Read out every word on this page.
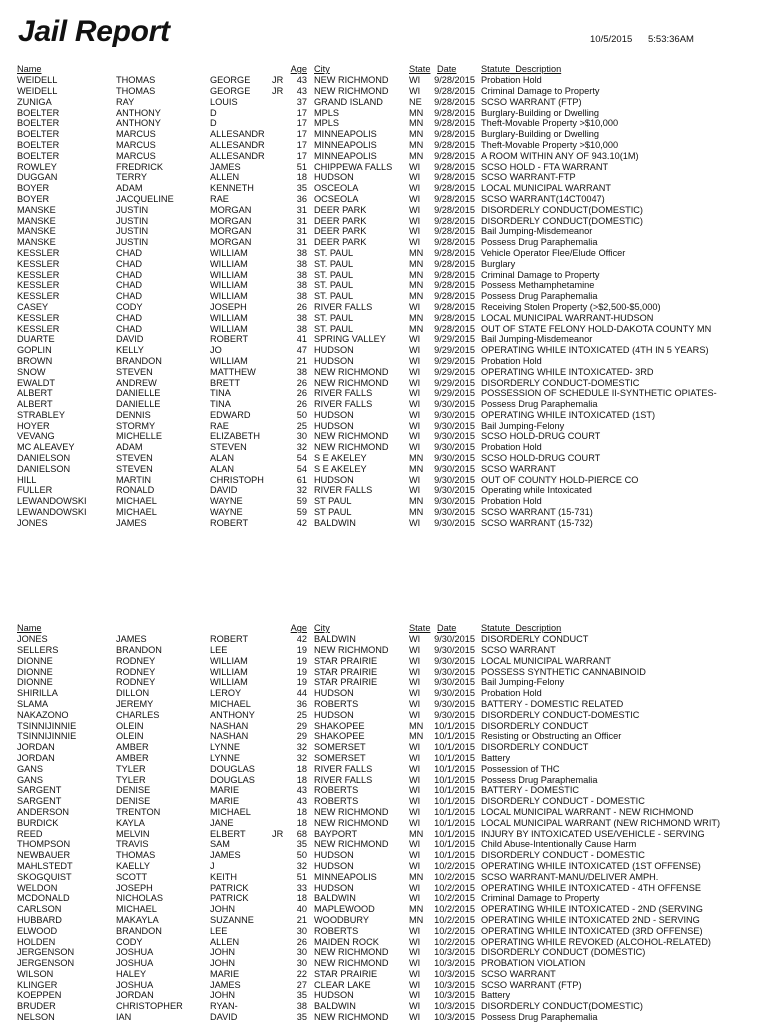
Jail Report	10/5/2015 5:53:36AM
Name	Age City	State Date	Statute_Description
WEIDELL	THOMAS	GEORGE	JR	43 NEW RICHMOND	WI	9/28/2015 Probation Hold
WEIDELL	THOMAS	GEORGE	JR	43 NEW RICHMOND	WI	9/28/2015 Criminal Damage to Property
ZUNIGA	RAY	LOUIS	37 GRAND ISLAND	NE	9/28/2015 SCSO WARRANT (FTP)
BOELTER	ANTHONY	D	17 MPLS	MN	9/28/2015 Burglary-Building or Dwelling
BOELTER	ANTHONY	D	17 MPLS	MN	9/28/2015 Theft-Movable Property >$10,000
BOELTER	MARCUS	ALLESANDR	17 MINNEAPOLIS	MN	9/28/2015 Burglary-Building or Dwelling
BOELTER	MARCUS	ALLESANDR	17 MINNEAPOLIS	MN	9/28/2015 Theft-Movable Property >$10,000
BOELTER	MARCUS	ALLESANDR	17 MINNEAPOLIS	MN	9/28/2015 A ROOM WITHIN ANY OF 943.10(1M)
ROWLEY	FREDRICK	JAMES	51 CHIPPEWA FALLS	WI	9/28/2015 SCSO HOLD - FTA WARRANT
DUGGAN	TERRY	ALLEN	18 HUDSON	WI	9/28/2015 SCSO WARRANT-FTP
BOYER	ADAM	KENNETH	35 OSCEOLA	WI	9/28/2015 LOCAL MUNICIPAL WARRANT
BOYER	JACQUELINE	RAE	36 OCSEOLA	WI	9/28/2015 SCSO WARRANT(14CT0047)
MANSKE	JUSTIN	MORGAN	31 DEER PARK	WI	9/28/2015 DISORDERLY CONDUCT(DOMESTIC)
MANSKE	JUSTIN	MORGAN	31 DEER PARK	WI	9/28/2015 DISORDERLY CONDUCT(DOMESTIC)
MANSKE	JUSTIN	MORGAN	31 DEER PARK	WI	9/28/2015 Bail Jumping-Misdemeanor
MANSKE	JUSTIN	MORGAN	31 DEER PARK	WI	9/28/2015 Possess Drug Paraphemalia
KESSLER	CHAD	WILLIAM	38 ST. PAUL	MN	9/28/2015 Vehicle Operator Flee/Elude Officer
KESSLER	CHAD	WILLIAM	38 ST. PAUL	MN	9/28/2015 Burglary
KESSLER	CHAD	WILLIAM	38 ST. PAUL	MN	9/28/2015 Criminal Damage to Property
KESSLER	CHAD	WILLIAM	38 ST. PAUL	MN	9/28/2015 Possess Methamphetamine
KESSLER	CHAD	WILLIAM	38 ST. PAUL	MN	9/28/2015 Possess Drug Paraphemalia
CASEY	CODY	JOSEPH	26 RIVER FALLS	WI	9/28/2015 Receiving Stolen Property (>$2,500-$5,000)
KESSLER	CHAD	WILLIAM	38 ST. PAUL	MN	9/28/2015 LOCAL MUNICIPAL WARRANT-HUDSON
KESSLER	CHAD	WILLIAM	38 ST. PAUL	MN	9/28/2015 OUT OF STATE FELONY HOLD-DAKOTA COUNTY MN
DUARTE	DAVID	ROBERT	41 SPRING VALLEY	WI	9/29/2015 Bail Jumping-Misdemeanor
GOPLIN	KELLY	JO	47 HUDSON	WI	9/29/2015 OPERATING WHILE INTOXICATED (4TH IN 5 YEARS)
BROWN	BRANDON	WILLIAM	21 HUDSON	WI	9/29/2015 Probation Hold
SNOW	STEVEN	MATTHEW	38 NEW RICHMOND	WI	9/29/2015 OPERATING WHILE INTOXICATED- 3RD
EWALDT	ANDREW	BRETT	26 NEW RICHMOND	WI	9/29/2015 DISORDERLY CONDUCT-DOMESTIC
ALBERT	DANIELLE	TINA	26 RIVER FALLS	WI	9/29/2015 POSSESSION OF SCHEDULE II-SYNTHETIC OPIATES-
ALBERT	DANIELLE	TINA	26 RIVER FALLS	WI	9/30/2015 Possess Drug Paraphemalia
STRABLEY	DENNIS	EDWARD	50 HUDSON	WI	9/30/2015 OPERATING WHILE INTOXICATED (1ST)
HOYER	STORMY	RAE	25 HUDSON	WI	9/30/2015 Bail Jumping-Felony
VEVANG	MICHELLE	ELIZABETH	30 NEW RICHMOND	WI	9/30/2015 SCSO HOLD-DRUG COURT
MC ALEAVEY	ADAM	STEVEN	32 NEW RICHMOND	WI	9/30/2015 Probation Hold
DANIELSON	STEVEN	ALAN	54 S E AKELEY	MN	9/30/2015 SCSO HOLD-DRUG COURT
DANIELSON	STEVEN	ALAN	54 S E AKELEY	MN	9/30/2015 SCSO WARRANT
HILL	MARTIN	CHRISTOPH	61 HUDSON	WI	9/30/2015 OUT OF COUNTY HOLD-PIERCE CO
FULLER	RONALD	DAVID	32 RIVER FALLS	WI	9/30/2015 Operating while Intoxicated
LEWANDOWSKI	MICHAEL	WAYNE	59 ST PAUL	MN	9/30/2015 Probation Hold
LEWANDOWSKI	MICHAEL	WAYNE	59 ST PAUL	MN	9/30/2015 SCSO WARRANT (15-731)
JONES	JAMES	ROBERT	42 BALDWIN	WI	9/30/2015 SCSO WARRANT (15-732)
Name	Age City	State Date	Statute_Description
JONES	JAMES	ROBERT	42 BALDWIN	WI	9/30/2015 DISORDERLY CONDUCT
SELLERS	BRANDON	LEE	19 NEW RICHMOND	WI	9/30/2015 SCSO WARRANT
DIONNE	RODNEY	WILLIAM	19 STAR PRAIRIE	WI	9/30/2015 LOCAL MUNICIPAL WARRANT
DIONNE	RODNEY	WILLIAM	19 STAR PRAIRIE	WI	9/30/2015 POSSESS SYNTHETIC CANNABINOID
DIONNE	RODNEY	WILLIAM	19 STAR PRAIRIE	WI	9/30/2015 Bail Jumping-Felony
SHIRILLA	DILLON	LEROY	44 HUDSON	WI	9/30/2015 Probation Hold
SLAMA	JEREMY	MICHAEL	36 ROBERTS	WI	9/30/2015 BATTERY - DOMESTIC RELATED
NAKAZONO	CHARLES	ANTHONY	25 HUDSON	WI	9/30/2015 DISORDERLY CONDUCT-DOMESTIC
TSINNIJINNIE	OLEIN	NASHAN	29 SHAKOPEE	MN	10/1/2015 DISORDERLY CONDUCT
TSINNIJINNIE	OLEIN	NASHAN	29 SHAKOPEE	MN	10/1/2015 Resisting or Obstructing an Officer
JORDAN	AMBER	LYNNE	32 SOMERSET	WI	10/1/2015 DISORDERLY CONDUCT
JORDAN	AMBER	LYNNE	32 SOMERSET	WI	10/1/2015 Battery
GANS	TYLER	DOUGLAS	18 RIVER FALLS	WI	10/1/2015 Possession of THC
GANS	TYLER	DOUGLAS	18 RIVER FALLS	WI	10/1/2015 Possess Drug Paraphemalia
SARGENT	DENISE	MARIE	43 ROBERTS	WI	10/1/2015 BATTERY - DOMESTIC
SARGENT	DENISE	MARIE	43 ROBERTS	WI	10/1/2015 DISORDERLY CONDUCT - DOMESTIC
ANDERSON	TRENTON	MICHAEL	18 NEW RICHMOND	WI	10/1/2015 LOCAL MUNICIPAL WARRANT - NEW RICHMOND
BURDICK	KAYLA	JANE	18 NEW RICHMOND	WI	10/1/2015 LOCAL MUNICIPAL WARRANT (NEW RICHMOND WRIT)
REED	MELVIN	ELBERT	JR	68 BAYPORT	MN	10/1/2015 INJURY BY INTOXICATED USE/VEHICLE - SERVING
THOMPSON	TRAVIS	SAM	35 NEW RICHMOND	WI	10/1/2015 Child Abuse-Intentionally Cause Harm
NEWBAUER	THOMAS	JAMES	50 HUDSON	WI	10/1/2015 DISORDERLY CONDUCT - DOMESTIC
MAHLSTEDT	KAELLY	J	32 HUDSON	WI	10/2/2015 OPERATING WHILE INTOXICATED (1ST OFFENSE)
SKOGQUIST	SCOTT	KEITH	51 MINNEAPOLIS	MN	10/2/2015 SCSO WARRANT-MANU/DELIVER AMPH.
WELDON	JOSEPH	PATRICK	33 HUDSON	WI	10/2/2015 OPERATING WHILE INTOXICATED - 4TH OFFENSE
MCDONALD	NICHOLAS	PATRICK	18 BALDWIN	WI	10/2/2015 Criminal Damage to Property
CARLSON	MICHAEL	JOHN	40 MAPLEWOOD	MN	10/2/2015 OPERATING WHILE INTOXICATED - 2ND (SERVING
HUBBARD	MAKAYLA	SUZANNE	21 WOODBURY	MN	10/2/2015 OPERATING WHILE INTOXICATED 2ND - SERVING
ELWOOD	BRANDON	LEE	30 ROBERTS	WI	10/2/2015 OPERATING WHILE INTOXICATED (3RD OFFENSE)
HOLDEN	CODY	ALLEN	26 MAIDEN ROCK	WI	10/2/2015 OPERATING WHILE REVOKED (ALCOHOL-RELATED)
JERGENSON	JOSHUA	JOHN	30 NEW RICHMOND	WI	10/3/2015 DISORDERLY CONDUCT (DOMESTIC)
JERGENSON	JOSHUA	JOHN	30 NEW RICHMOND	WI	10/3/2015 PROBATION VIOLATION
WILSON	HALEY	MARIE	22 STAR PRAIRIE	WI	10/3/2015 SCSO WARRANT
KLINGER	JOSHUA	JAMES	27 CLEAR LAKE	WI	10/3/2015 SCSO WARRANT (FTP)
KOEPPEN	JORDAN	JOHN	35 HUDSON	WI	10/3/2015 Battery
BRUDER	CHRISTOPHER	RYAN-	38 BALDWIN	WI	10/3/2015 DISORDERLY CONDUCT(DOMESTIC)
NELSON	IAN	DAVID	35 NEW RICHMOND	WI	10/3/2015 Possess Drug Paraphemalia
